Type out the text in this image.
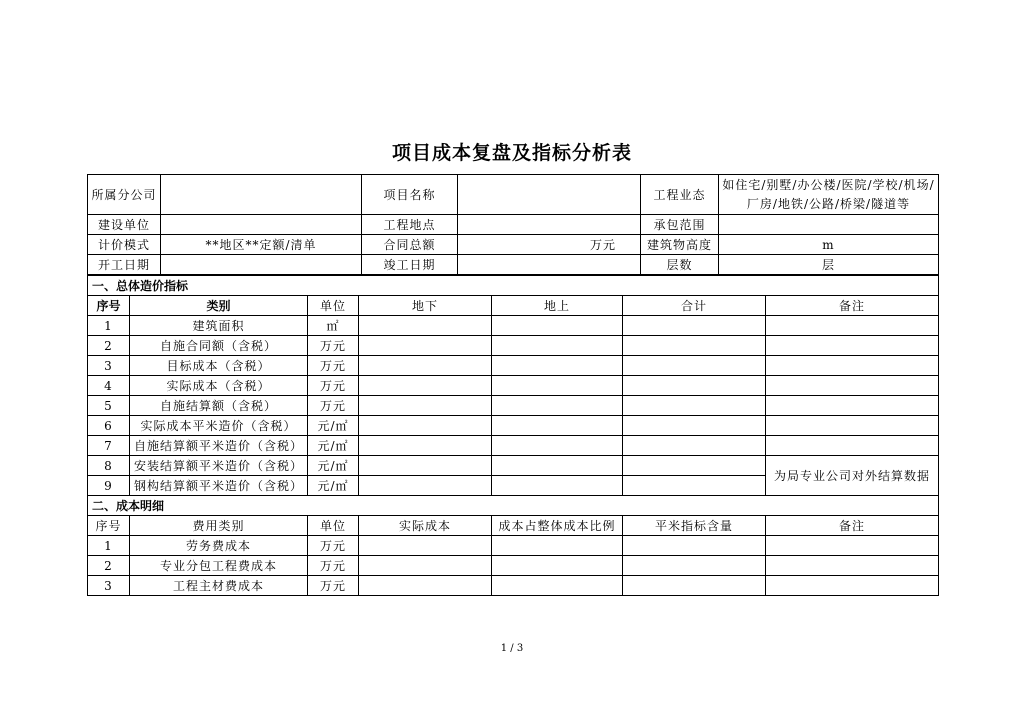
项目成本复盘及指标分析表
所属分公司		项目名称		工程业态	如住宅/别墅/办公楼/医院/学校/机场/厂房/地铁/公路/桥梁/隧道等
建设单位		工程地点		承包范围	
计价模式	**地区**定额/清单	合同总额	万元	建筑物高度	m
开工日期		竣工日期		层数	层
一、总体造价指标						
序号	类别	单位	地下	地上	合计	备注
1	建筑面积	㎡				
2	自施合同额（含税）	万元				
3	目标成本（含税）	万元				
4	实际成本（含税）	万元				
5	自施结算额（含税）	万元				
6	实际成本平米造价（含税）	元/㎡				
7	自施结算额平米造价（含税）	元/㎡				
8	安装结算额平米造价（含税）	元/㎡				为局专业公司对外结算数据
9	钢构结算额平米造价（含税）	元/㎡				
二、成本明细						
序号	费用类别	单位	实际成本	成本占整体成本比例	平米指标含量	备注
1	劳务费成本	万元				
2	专业分包工程费成本	万元				
3	工程主材费成本	万元				
1 / 3
